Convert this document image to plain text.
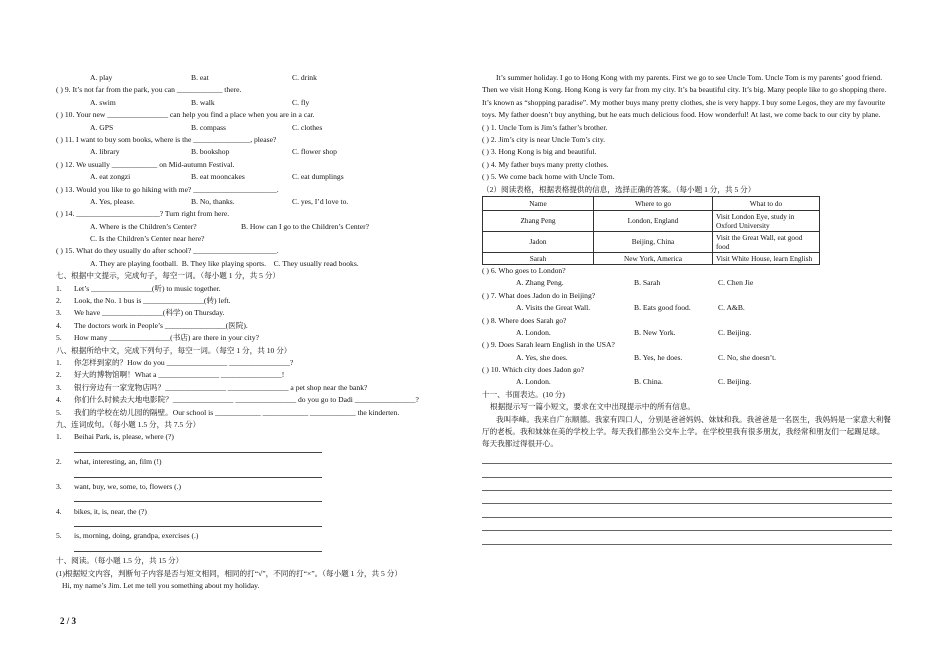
A. play	B. eat	C. drink
( ) 9. It’s not far from the park, you can ____________ there.
A. swim	B. walk	C. fly
( ) 10. Your new ________________ can help you find a place when you are in a car.
A. GPS	B. compass	C. clothes
( ) 11. I want to buy som books, where is the _______________, please?
A. library	B. bookshop	C. flower shop
( ) 12. We usually ____________ on Mid-autumn Festival.
A. eat zongzi	B. eat mooncakes	C. eat dumplings
( ) 13. Would you like to go hiking with me? ______________________.
A. Yes, please.	B. No, thanks.	C. yes, I’d love to.
( ) 14. ______________________? Turn right from here.
A. Where is the Children’s Center?	B. How can I go to the Children’s Center?
C. Is the Children’s Center near here?
( ) 15. What do they usually do after school? ______________________.
A. They are playing football.  B. They like playing sports.    C. They usually read books.
七、根据中文提示，完成句子，每空一词。（每小题 1 分，共 5 分）
1. Let’s ________________(听) to music together.
2. Look, the No. 1 bus is ________________(转) left.
3. We have ________________(科学) on Thursday.
4. The doctors work in People’s ________________(医院).
5. How many ________________(书店) are there in your city?
八、根据所给中文，完成下列句子，每空一词。（每空 1 分，共 10 分）
1. 你怎样到家的？How do you ________________ ________________?
2. 好大的博物馆啊！What a ________________ ________________!
3. 银行旁边有一家宠物店吗？________________ ________________ a pet shop near the bank?
4. 你们什么时候去大地电影院？________________ ________________ do you go to Dadi ________________?
5. 我们的学校在幼儿园的隔壁。Our school is ____________ ____________ ____________ the kinderten.
九、连词成句。（每小题 1.5 分，共 7.5 分）
1. Beihai Park, is, please, where (?)
2. what, interesting, an, film (!)
3. want, buy, we, some, to, flowers (.)
4. bikes, it, is, near, the (?)
5. is, morning, doing, grandpa, exercises (.)
十、阅读。（每小题 1.5 分，共 15 分）
(1)根据短文内容，判断句子内容是否与短文相同，相同的打“√”，不同的打“×”。（每小题 1 分，共 5 分）
Hi, my name’s Jim. Let me tell you something about my holiday.
It’s summer holiday. I go to Hong Kong with my parents. First we go to see Uncle Tom. Uncle Tom is my parents’ good friend. Then we visit Hong Kong. Hong Kong is very far from my city. It’s ba beautiful city. It’s big. Many people like to go shopping there. It’s known as “shopping paradise”. My mother buys many pretty clothes, she is very happy. I buy some Legos, they are my favourite toys. My father doesn’t buy anything, but he eats much delicious food. How wonderful! At last, we come back to our city by plane.
( ) 1. Uncle Tom is Jim’s father’s brother.
( ) 2. Jim’s city is near Uncle Tom’s city.
( ) 3. Hong Kong is big and beautiful.
( ) 4. My father buys many pretty clothes.
( ) 5. We come back home with Uncle Tom.
（2）阅读表格，根据表格提供的信息，选择正确的答案。（每小题 1 分，共 5 分）
Name	Where to go	What to do
Zhang Peng	London, England	Visit London Eye, study in Oxford University
Jadon	Beijing, China	Visit the Great Wall, eat good food
Sarah	New York, America	Visit White House, learn English
( ) 6. Who goes to London?
A. Zhang Peng.	B. Sarah	C. Chen Jie
( ) 7. What does Jadon do in Beijing?
A. Visits the Great Wall.	B. Eats good food.	C. A&B.
( ) 8. Where does Sarah go?
A. London.	B. New York.	C. Beijing.
( ) 9. Does Sarah learn English in the USA?
A. Yes, she does.	B. Yes, he does.	C. No, she doesn’t.
( ) 10. Which city does Jadon go?
A. London.	B. China.	C. Beijing.
十一、书面表达。(10 分)
根据提示写一篇小短文，要求在文中出现提示中的所有信息。
我叫李峰。我来自广东顺德。我家有四口人，分别是爸爸妈妈、妹妹和我。我爸爸是一名医生，我妈妈是一家意大利餐厅的老板。我和妹妹在美的学校上学。每天我们都坐公交车上学。在学校里我有很多朋友，我经常和朋友们一起踢足球。每天我都过得很开心。
2 / 3
